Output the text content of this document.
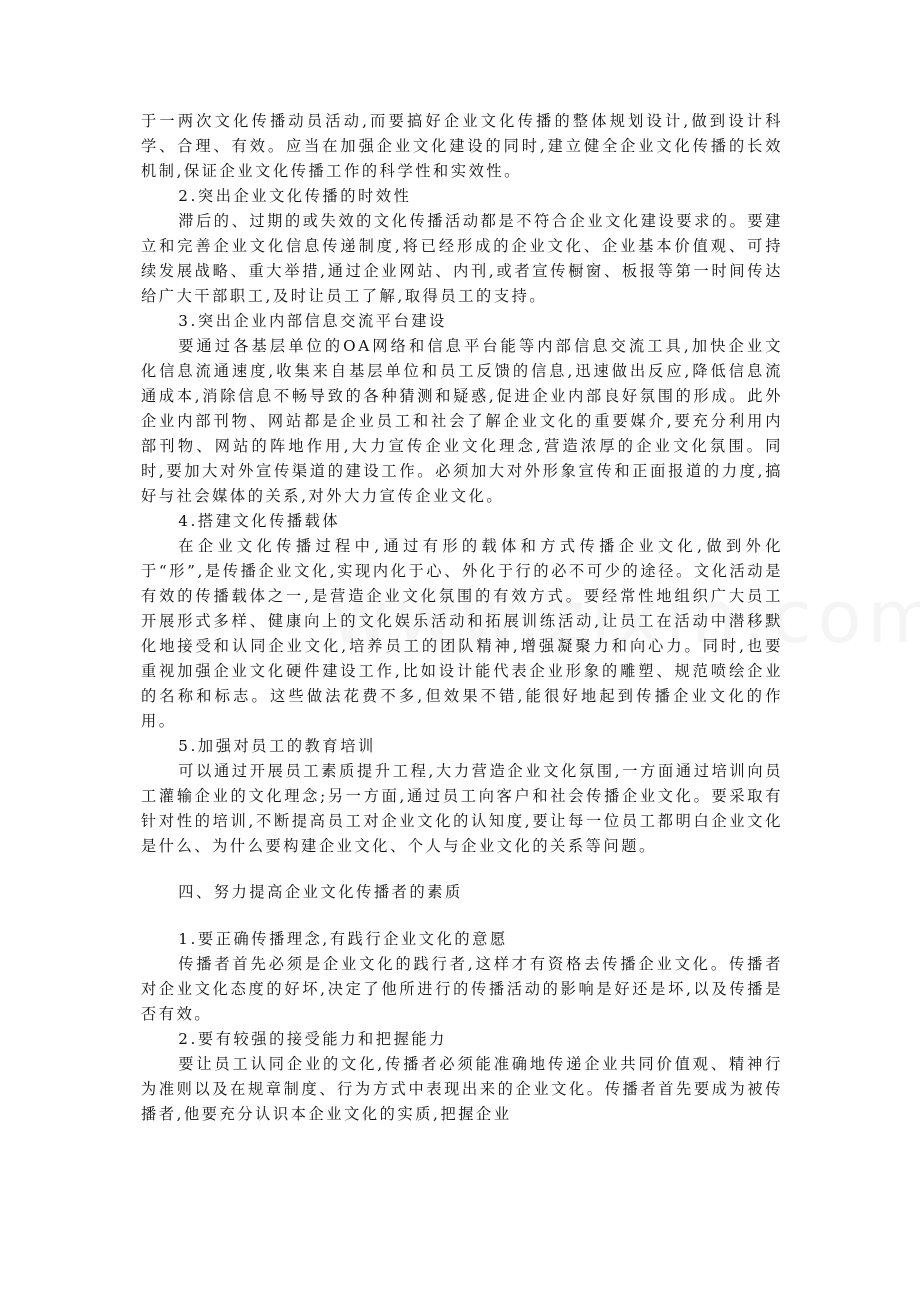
于一两次文化传播动员活动,而要搞好企业文化传播的整体规划设计,做到设计科学、合理、有效。应当在加强企业文化建设的同时,建立健全企业文化传播的长效机制,保证企业文化传播工作的科学性和实效性。

2.突出企业文化传播的时效性

滞后的、过期的或失效的文化传播活动都是不符合企业文化建设要求的。要建立和完善企业文化信息传递制度,将已经形成的企业文化、企业基本价值观、可持续发展战略、重大举措,通过企业网站、内刊,或者宣传橱窗、板报等第一时间传达给广大干部职工,及时让员工了解,取得员工的支持。

3.突出企业内部信息交流平台建设

要通过各基层单位的OA网络和信息平台能等内部信息交流工具,加快企业文化信息流通速度,收集来自基层单位和员工反馈的信息,迅速做出反应,降低信息流通成本,消除信息不畅导致的各种猜测和疑惑,促进企业内部良好氛围的形成。此外企业内部刊物、网站都是企业员工和社会了解企业文化的重要媒介,要充分利用内部刊物、网站的阵地作用,大力宣传企业文化理念,营造浓厚的企业文化氛围。同时,要加大对外宣传渠道的建设工作。必须加大对外形象宣传和正面报道的力度,搞好与社会媒体的关系,对外大力宣传企业文化。

4.搭建文化传播载体

在企业文化传播过程中,通过有形的载体和方式传播企业文化,做到外化于“形”,是传播企业文化,实现内化于心、外化于行的必不可少的途径。文化活动是有效的传播载体之一,是营造企业文化氛围的有效方式。要经常性地组织广大员工开展形式多样、健康向上的文化娱乐活动和拓展训练活动,让员工在活动中潜移默化地接受和认同企业文化,培养员工的团队精神,增强凝聚力和向心力。同时,也要重视加强企业文化硬件建设工作,比如设计能代表企业形象的雕塑、规范喷绘企业的名称和标志。这些做法花费不多,但效果不错,能很好地起到传播企业文化的作用。

5.加强对员工的教育培训

可以通过开展员工素质提升工程,大力营造企业文化氛围,一方面通过培训向员工灌输企业的文化理念;另一方面,通过员工向客户和社会传播企业文化。要采取有针对性的培训,不断提高员工对企业文化的认知度,要让每一位员工都明白企业文化是什么、为什么要构建企业文化、个人与企业文化的关系等问题。

四、努力提高企业文化传播者的素质

1.要正确传播理念,有践行企业文化的意愿

传播者首先必须是企业文化的践行者,这样才有资格去传播企业文化。传播者对企业文化态度的好坏,决定了他所进行的传播活动的影响是好还是坏,以及传播是否有效。

2.要有较强的接受能力和把握能力

要让员工认同企业的文化,传播者必须能准确地传递企业共同价值观、精神行为准则以及在规章制度、行为方式中表现出来的企业文化。传播者首先要成为被传播者,他要充分认识本企业文化的实质,把握企业
